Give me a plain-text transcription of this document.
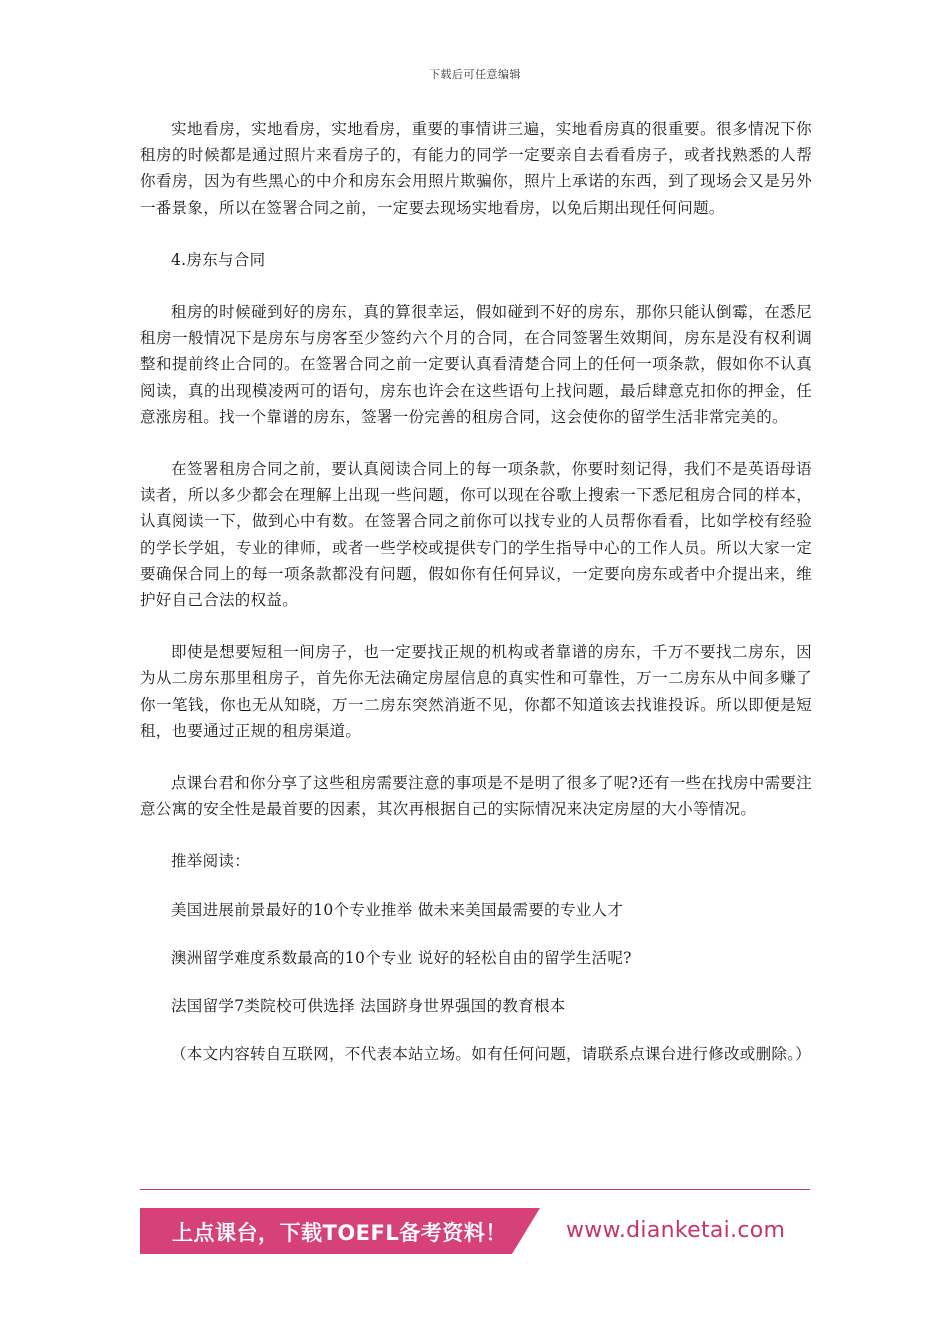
下载后可任意编辑

实地看房，实地看房，实地看房，重要的事情讲三遍，实地看房真的很重要。很多情况下你租房的时候都是通过照片来看房子的，有能力的同学一定要亲自去看看房子，或者找熟悉的人帮你看房，因为有些黑心的中介和房东会用照片欺骗你，照片上承诺的东西，到了现场会又是另外一番景象，所以在签署合同之前，一定要去现场实地看房，以免后期出现任何问题。

4.房东与合同

租房的时候碰到好的房东，真的算很幸运，假如碰到不好的房东，那你只能认倒霉，在悉尼租房一般情况下是房东与房客至少签约六个月的合同，在合同签署生效期间，房东是没有权利调整和提前终止合同的。在签署合同之前一定要认真看清楚合同上的任何一项条款，假如你不认真阅读，真的出现模凌两可的语句，房东也许会在这些语句上找问题，最后肆意克扣你的押金，任意涨房租。找一个靠谱的房东，签署一份完善的租房合同，这会使你的留学生活非常完美的。

在签署租房合同之前，要认真阅读合同上的每一项条款，你要时刻记得，我们不是英语母语读者，所以多少都会在理解上出现一些问题，你可以现在谷歌上搜索一下悉尼租房合同的样本，认真阅读一下，做到心中有数。在签署合同之前你可以找专业的人员帮你看看，比如学校有经验的学长学姐，专业的律师，或者一些学校或提供专门的学生指导中心的工作人员。所以大家一定要确保合同上的每一项条款都没有问题，假如你有任何异议，一定要向房东或者中介提出来，维护好自己合法的权益。

即使是想要短租一间房子，也一定要找正规的机构或者靠谱的房东，千万不要找二房东，因为从二房东那里租房子，首先你无法确定房屋信息的真实性和可靠性，万一二房东从中间多赚了你一笔钱，你也无从知晓，万一二房东突然消逝不见，你都不知道该去找谁投诉。所以即便是短租，也要通过正规的租房渠道。

点课台君和你分享了这些租房需要注意的事项是不是明了很多了呢?还有一些在找房中需要注意公寓的安全性是最首要的因素，其次再根据自己的实际情况来决定房屋的大小等情况。

推举阅读：

美国进展前景最好的10个专业推举 做未来美国最需要的专业人才

澳洲留学难度系数最高的10个专业 说好的轻松自由的留学生活呢?

法国留学7类院校可供选择 法国跻身世界强国的教育根本

（本文内容转自互联网，不代表本站立场。如有任何问题，请联系点课台进行修改或删除。）

上点课台，下载TOEFL备考资料！	www.dianketai.com
